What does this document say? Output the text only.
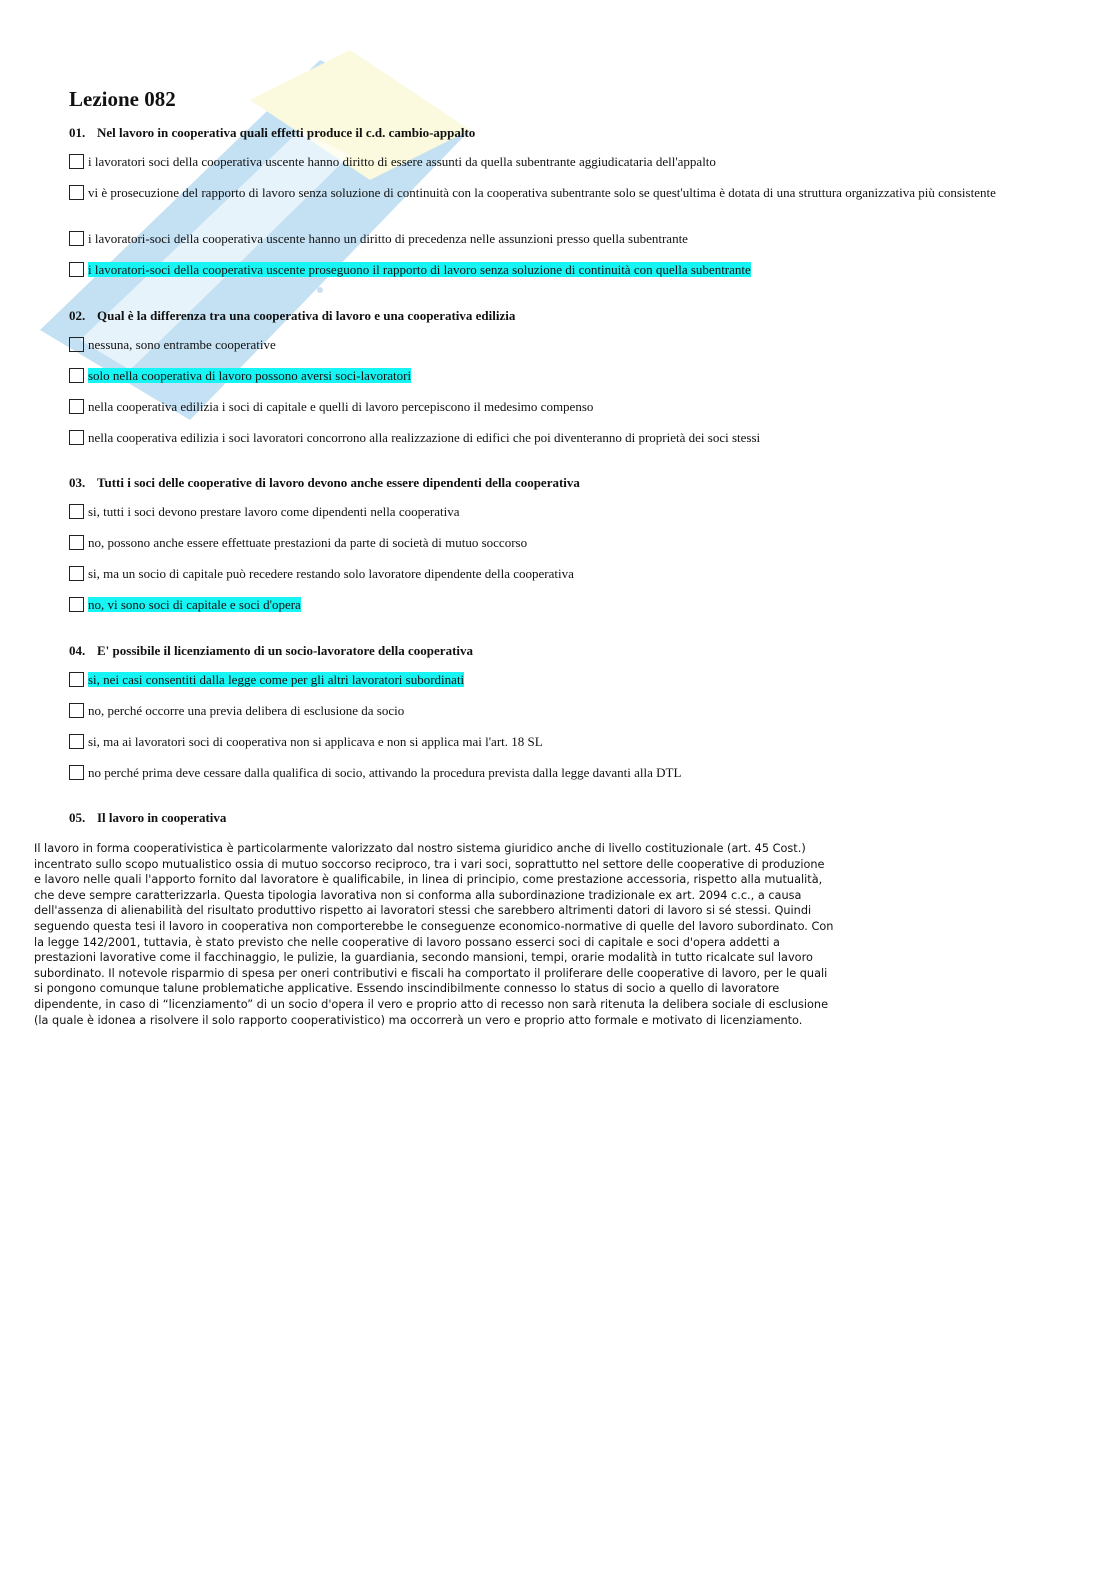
Lezione 082

01. Nel lavoro in cooperativa quali effetti produce il c.d. cambio-appalto

i lavoratori soci della cooperativa uscente hanno diritto di essere assunti da quella subentrante aggiudicataria dell'appalto
vi è prosecuzione del rapporto di lavoro senza soluzione di continuità con la cooperativa subentrante solo se quest'ultima è dotata di una struttura organizzativa più consistente
i lavoratori-soci della cooperativa uscente hanno un diritto di precedenza nelle assunzioni presso quella subentrante
i lavoratori-soci della cooperativa uscente proseguono il rapporto di lavoro senza soluzione di continuità con quella subentrante

02. Qual è la differenza tra una cooperativa di lavoro e una cooperativa edilizia

nessuna, sono entrambe cooperative
solo nella cooperativa di lavoro possono aversi soci-lavoratori
nella cooperativa edilizia i soci di capitale e quelli di lavoro percepiscono il medesimo compenso
nella cooperativa edilizia i soci lavoratori concorrono alla realizzazione di edifici che poi diventeranno di proprietà dei soci stessi

03. Tutti i soci delle cooperative di lavoro devono anche essere dipendenti della cooperativa

si, tutti i soci devono prestare lavoro come dipendenti nella cooperativa
no, possono anche essere effettuate prestazioni da parte di società di mutuo soccorso
si, ma un socio di capitale può recedere restando solo lavoratore dipendente della cooperativa
no, vi sono soci di capitale e soci d'opera

04. E' possibile il licenziamento di un socio-lavoratore della cooperativa

si, nei casi consentiti dalla legge come per gli altri lavoratori subordinati
no, perché occorre una previa delibera di esclusione da socio
si, ma ai lavoratori soci di cooperativa non si applicava e non si applica mai l'art. 18 SL
no perché prima deve cessare dalla qualifica di socio, attivando la procedura prevista dalla legge davanti alla DTL

05. Il lavoro in cooperativa

Il lavoro in forma cooperativistica è particolarmente valorizzato dal nostro sistema giuridico anche di livello costituzionale (art. 45 Cost.) incentrato sullo scopo mutualistico ossia di mutuo soccorso reciproco, tra i vari soci, soprattutto nel settore delle cooperative di produzione e lavoro nelle quali l'apporto fornito dal lavoratore è qualificabile, in linea di principio, come prestazione accessoria, rispetto alla mutualità, che deve sempre caratterizzarla. Questa tipologia lavorativa non si conforma alla subordinazione tradizionale ex art. 2094 c.c., a causa dell'assenza di alienabilità del risultato produttivo rispetto ai lavoratori stessi che sarebbero altrimenti datori di lavoro si sé stessi. Quindi seguendo questa tesi il lavoro in cooperativa non comporterebbe le conseguenze economico-normative di quelle del lavoro subordinato. Con la legge 142/2001, tuttavia, è stato previsto che nelle cooperative di lavoro possano esserci soci di capitale e soci d'opera addetti a prestazioni lavorative come il facchinaggio, le pulizie, la guardiania, secondo mansioni, tempi, orarie modalità in tutto ricalcate sul lavoro subordinato. Il notevole risparmio di spesa per oneri contributivi e fiscali ha comportato il proliferare delle cooperative di lavoro, per le quali si pongono comunque talune problematiche applicative. Essendo inscindibilmente connesso lo status di socio a quello di lavoratore dipendente, in caso di “licenziamento” di un socio d'opera il vero e proprio atto di recesso non sarà ritenuta la delibera sociale di esclusione (la quale è idonea a risolvere il solo rapporto cooperativistico) ma occorrerà un vero e proprio atto formale e motivato di licenziamento.
